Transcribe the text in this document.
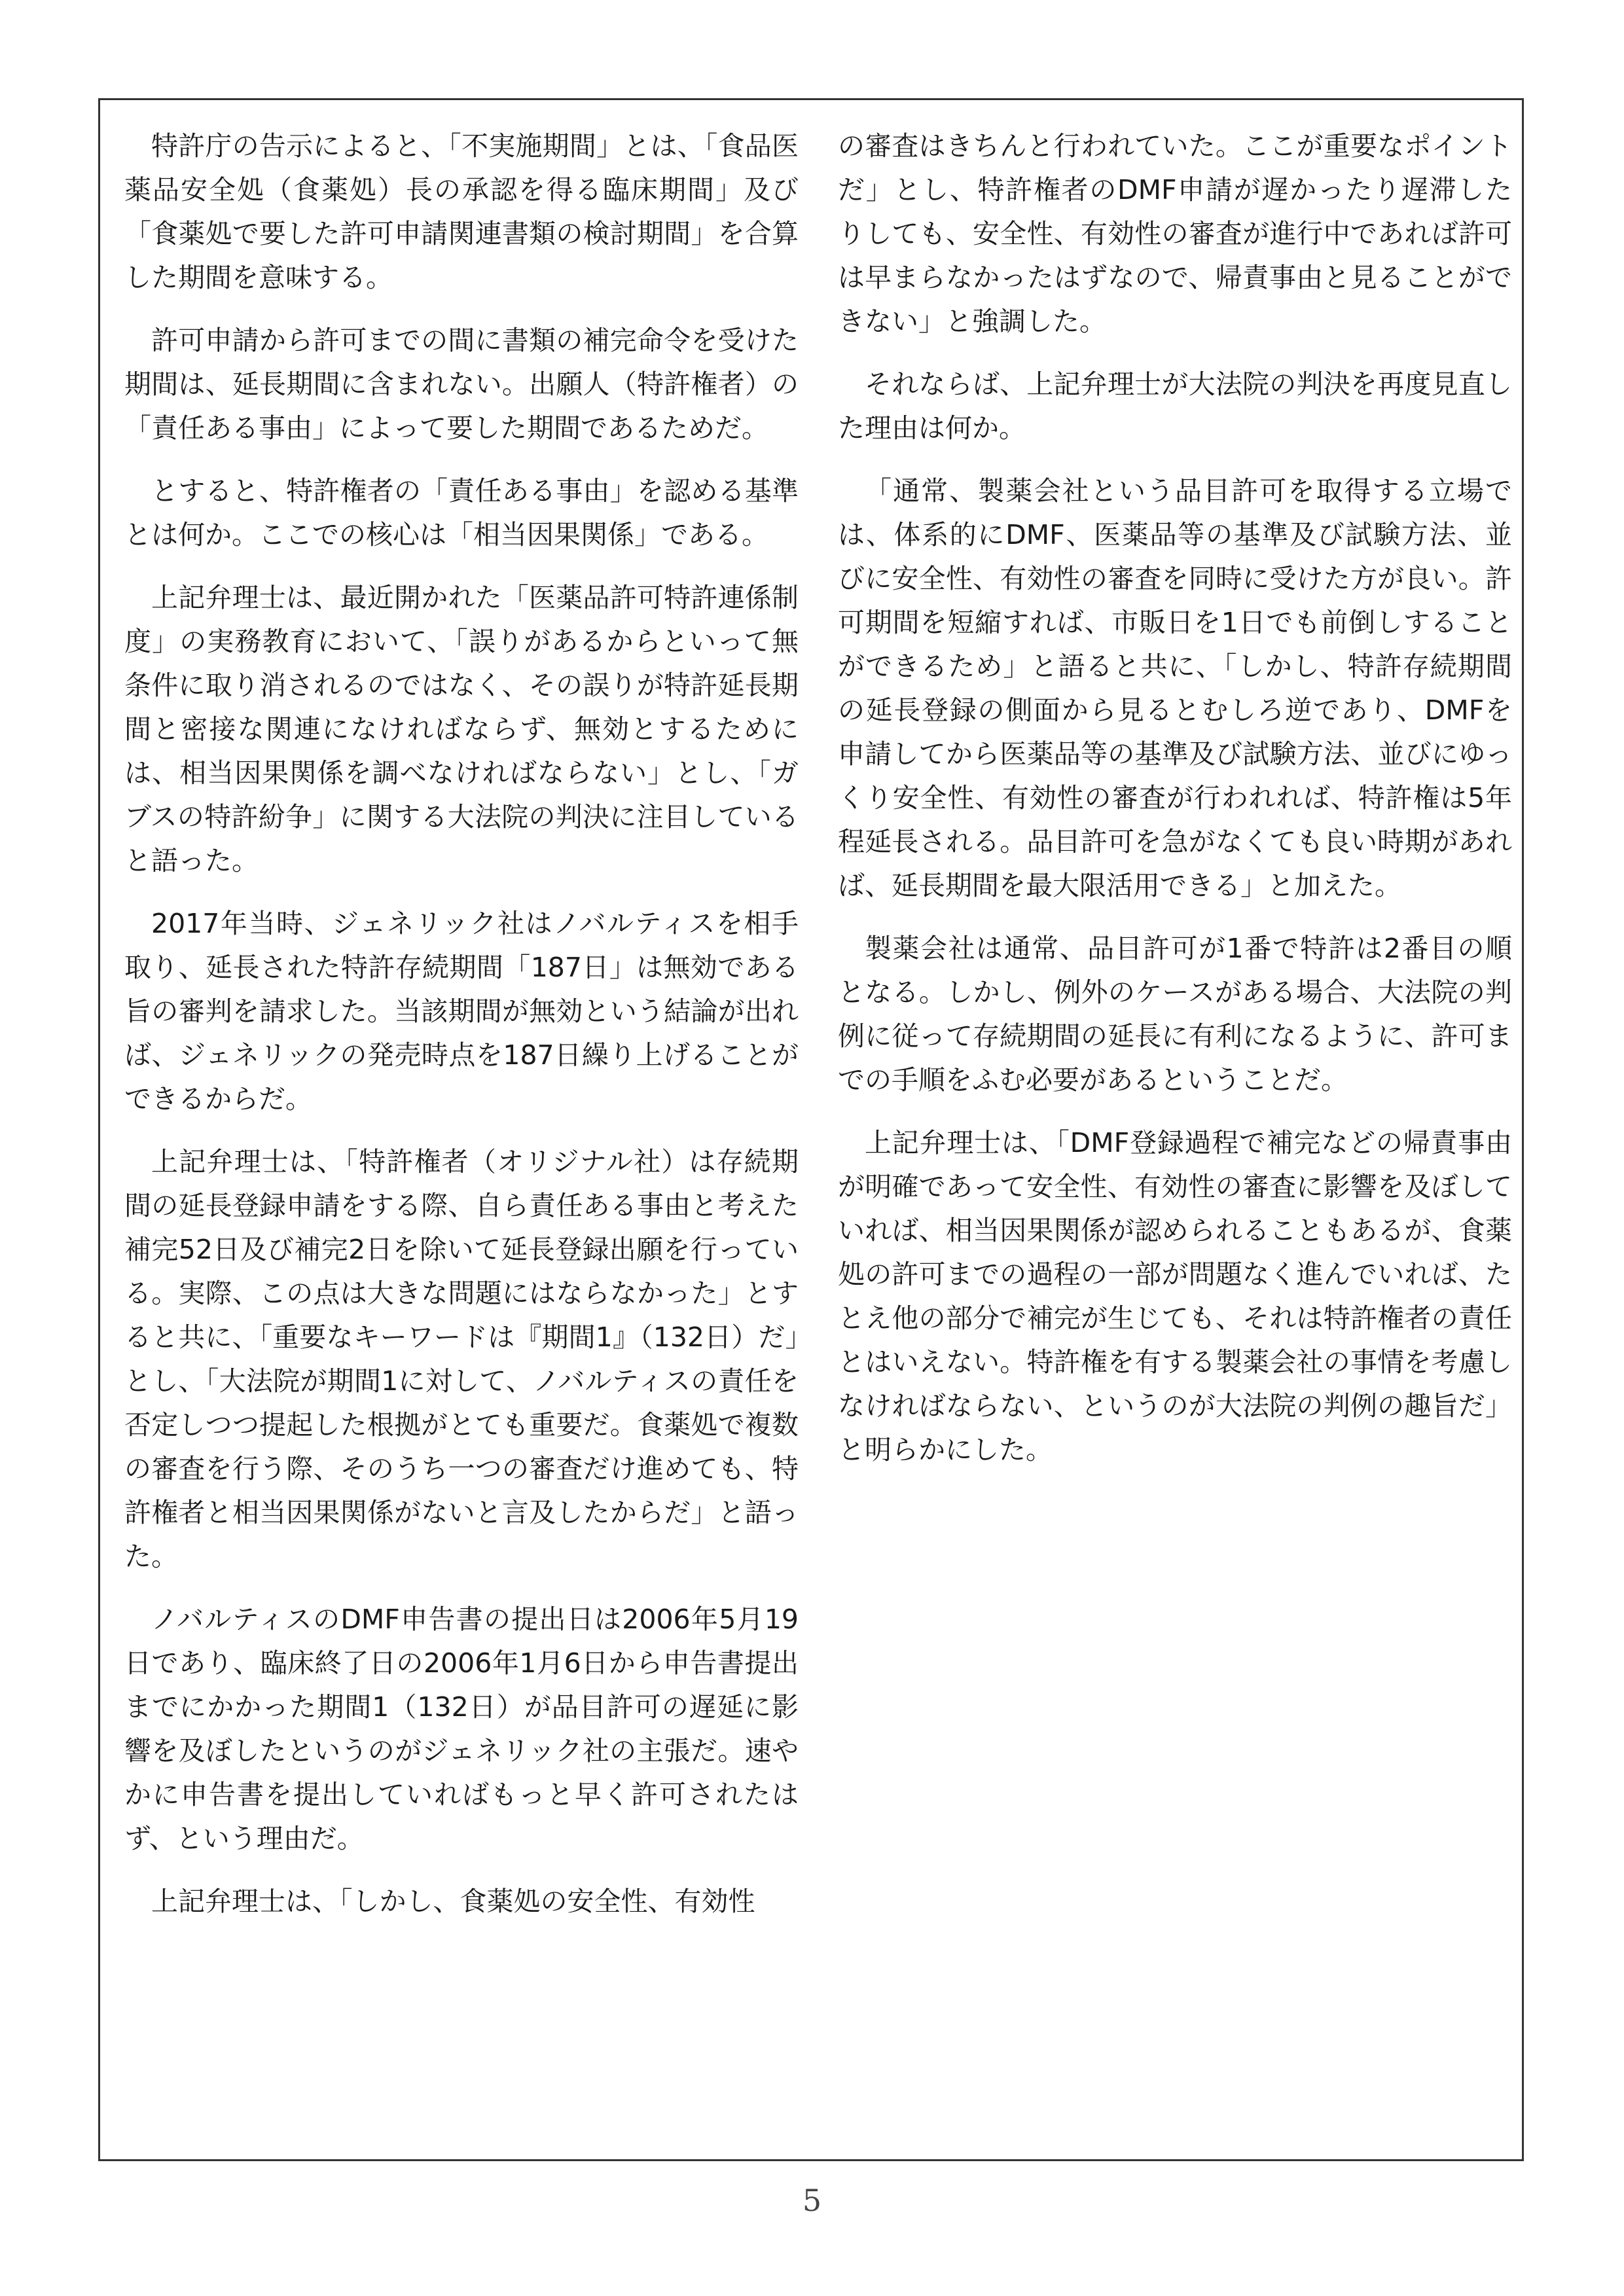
特許庁の告示によると、「不実施期間」とは、「食品医薬品安全処（食薬処）長の承認を得る臨床期間」及び「食薬処で要した許可申請関連書類の検討期間」を合算した期間を意味する。

許可申請から許可までの間に書類の補完命令を受けた期間は、延長期間に含まれない。出願人（特許権者）の「責任ある事由」によって要した期間であるためだ。

とすると、特許権者の「責任ある事由」を認める基準とは何か。ここでの核心は「相当因果関係」である。

上記弁理士は、最近開かれた「医薬品許可特許連係制度」の実務教育において、「誤りがあるからといって無条件に取り消されるのではなく、その誤りが特許延長期間と密接な関連になければならず、無効とするためには、相当因果関係を調べなければならない」とし、「ガブスの特許紛争」に関する大法院の判決に注目していると語った。

2017年当時、ジェネリック社はノバルティスを相手取り、延長された特許存続期間「187日」は無効である旨の審判を請求した。当該期間が無効という結論が出れば、ジェネリックの発売時点を187日繰り上げることができるからだ。

上記弁理士は、「特許権者（オリジナル社）は存続期間の延長登録申請をする際、自ら責任ある事由と考えた補完52日及び補完2日を除いて延長登録出願を行っている。実際、この点は大きな問題にはならなかった」とすると共に、「重要なキーワードは『期間1』（132日）だ」とし、「大法院が期間1に対して、ノバルティスの責任を否定しつつ提起した根拠がとても重要だ。食薬処で複数の審査を行う際、そのうち一つの審査だけ進めても、特許権者と相当因果関係がないと言及したからだ」と語った。

ノバルティスのDMF申告書の提出日は2006年5月19日であり、臨床終了日の2006年1月6日から申告書提出までにかかった期間1（132日）が品目許可の遅延に影響を及ぼしたというのがジェネリック社の主張だ。速やかに申告書を提出していればもっと早く許可されたはず、という理由だ。

上記弁理士は、「しかし、食薬処の安全性、有効性

の審査はきちんと行われていた。ここが重要なポイントだ」とし、特許権者のDMF申請が遅かったり遅滞したりしても、安全性、有効性の審査が進行中であれば許可は早まらなかったはずなので、帰責事由と見ることができない」と強調した。

それならば、上記弁理士が大法院の判決を再度見直した理由は何か。

「通常、製薬会社という品目許可を取得する立場では、体系的にDMF、医薬品等の基準及び試験方法、並びに安全性、有効性の審査を同時に受けた方が良い。許可期間を短縮すれば、市販日を1日でも前倒しすることができるため」と語ると共に、「しかし、特許存続期間の延長登録の側面から見るとむしろ逆であり、DMFを申請してから医薬品等の基準及び試験方法、並びにゆっくり安全性、有効性の審査が行われれば、特許権は5年程延長される。品目許可を急がなくても良い時期があれば、延長期間を最大限活用できる」と加えた。

製薬会社は通常、品目許可が1番で特許は2番目の順となる。しかし、例外のケースがある場合、大法院の判例に従って存続期間の延長に有利になるように、許可までの手順をふむ必要があるということだ。

上記弁理士は、「DMF登録過程で補完などの帰責事由が明確であって安全性、有効性の審査に影響を及ぼしていれば、相当因果関係が認められることもあるが、食薬処の許可までの過程の一部が問題なく進んでいれば、たとえ他の部分で補完が生じても、それは特許権者の責任とはいえない。特許権を有する製薬会社の事情を考慮しなければならない、というのが大法院の判例の趣旨だ」と明らかにした。

5
